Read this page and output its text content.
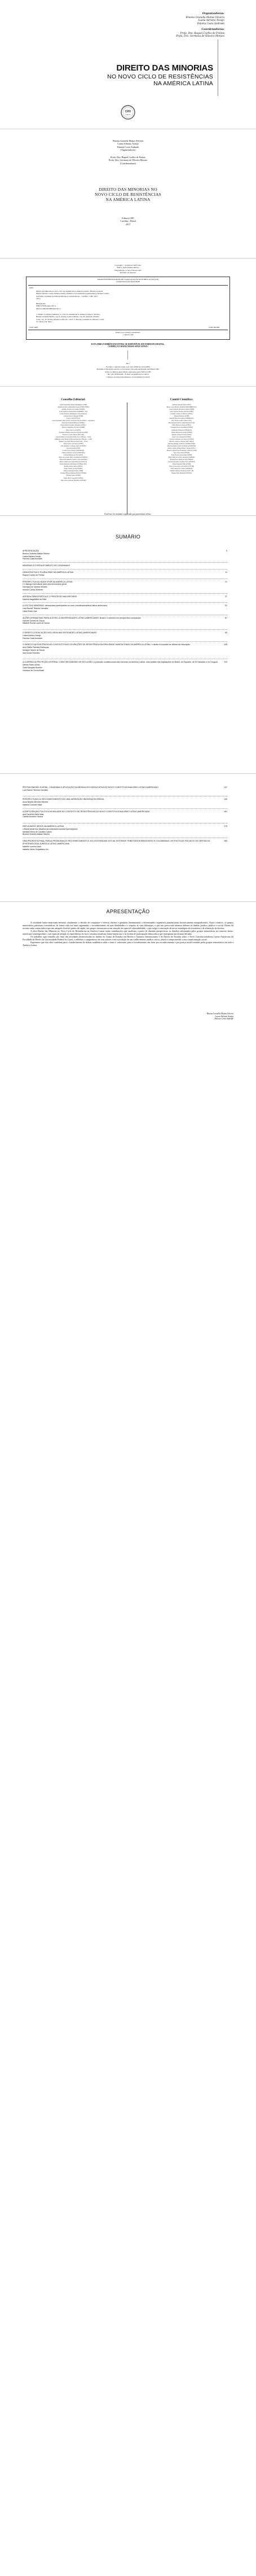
Organizadoras:

Bruena Granella Matias Silveira

Luana Adriano Araújo

Paloma Costa Andrade

Coordenadoras:

Profa. Dra. Raquel Coelho de Freitas

Profa. Dra. Germana de Oliveira Moraes

DIREITO DAS MINORIAS
NO NOVO CICLO DE RESISTÊNCIAS
NA AMÉRICA LATINA
CRV
editora

Bruena Granella Matias Silveira

Luana Adriano Araújo

Paloma Costa Andrade

(Organizadoras)

Profa. Dra. Raquel Coelho de Freitas

Profa. Dra. Germana de Oliveira Moraes

(Coordenadoras)

DIREITO DAS MINORIAS NO
NOVO CICLO DE RESISTÊNCIAS
NA AMÉRICA LATINA

Editora CRV

Curitiba – Brasil

2017

Copyright © da Editora CRV Ltda.

Editor-chefe: Railson Moura

Diagramação e Capa: Editora CRV

Revisão: Os Autores

DADOS INTERNACIONAIS DE CATALOGAÇÃO NA PUBLICAÇÃO (CIP)

CATALOGAÇÃO NA FONTE

D597

Direito das minorias no novo ciclo de resistências na América Latina / Bruena Granella

Matias Silveira, Luana Adriano Araújo, Paloma Costa Andrade (organizadoras), Raquel Coelho

de Freitas, Germana de Oliveira Moraes (coordenadoras) – Curitiba : CRV, 2017.

192 p.

Bibliografia

ISBN 978-85-444-1767-4

DOI 10.24824/978854441767.4

1. Direito 2. Direitos humanos 3. Ciclo de resistências 4. América Latina I. Silveira,

Bruena Granella Matias. org. II. Araújo, Luana Adriano. org. III. Andrade, Paloma

Costa. org. IV. Freitas, Raquel Coelho de. coord. V. Moraes, Germana de Oliveira. coord.

VI. Título VII. Série.

CDU 34(8)	CDD 340.098

Índice para catálogo sistemático

1. Direito 340

ESTA OBRA TAMBÉM ENCONTRA-SE DISPONÍVEL EM FORMATO DIGITAL.

CONHEÇA E BAIXE NOSSO APLICATIVO!

2017

Foi feito o depósito legal conf. Lei 10.994 de 14/12/2004

Proibida a reprodução parcial ou total desta obra sem autorização da Editora CRV

Todos os direitos desta edição reservados pela: Editora CRV

Tel.: (41) 3039-6418 – E-mail: sac@editoracrv.com.br

Conheça os nossos lançamentos: www.editoracrv.com.br

Conselho Editorial:	Comitê Científico:

Aldira Guimarães Duarte Domínguez (UNB)

Andréia da Silva Quintanilha Sousa (UNIR/UFRN)

Antônio Pereira Gaio Júnior (UFRRJ)

Carlos Alberto Vilar Estêvão (UMINHO – PT)

Carlos Federico Dominguez Avila (Unieuro)

Carmen Tereza Velanga (UNIR)

Celso Conti (UFSCar)

Cesar Gerónimo Tello (Univer. Nacional Três de Febrero – Argentina)

Eduardo Fernandes Barbosa (UFMG)

Elione Maria Nogueira Diogenes (UFAL)

Elizeu Clementino de Souza (UNEB)

Élsio José Corá (UFFS)

Fernando Antônio Gonçalves Alcoforado (IPB)

Francisco Carlos Duarte (PUC-PR)

Gloria Fariñas León (Universidade de La Havana – Cuba)

Guillermo Arias Beatón (Universidade de La Havana – Cuba)

Helmut von Wolff (Harvard University – USA)

Jailson Alves dos Santos (UFRJ)

João Adalberto Campato Junior (UNESP)

Josania Portela (UFPI)

Leonel Severo Rocha (UNISINOS)

Lídia de Oliveira Xavier (UNIEURO)

Lourdes Helena da Silva (UFV)

Maria de Lourdes Pinto de Almeida (UNOESC)

Maria Lília Imbiriba Sousa Colares (UFOPA)

Maria Cristina dos Santos Bezerra (UFSCar)

Paulo Romualdo Hernandes (UNIFAL-MG)

Rodrigo Pratte-Santos (UFES)

Sérgio Nunes de Jesus (IFRO)

Simone Rodrigues Pinto (UNB)

Solange Helena Ximenes-Rocha (UFOPA)

Sydione Santos (UEPG)

Tadeu Oliver Gonçalves (UFPA)

Tania Suely Azevedo Brasileiro (UFOPA)

Adriano Sant'Ana Pedra (FDV)

Bruno Cesar Barreto Jardim (UNIDOMBOSCO)

Carlos Eduardo Nicoletti Camillo (UPM)

Celso Antonio Pacheco Fiorillo (FMU)

Cláudio Ladeira de Oliveira (UFSC)

Eduardo Barbosa (UNB)

Eduardo Biacchi Gomes (UNIBRASIL)

Eloy Pereira Lemos Junior (UIT)

Elza Antonia Pereira Cunha Boiteux (USP)

Fábio Barbosa Chaves (UFPA)

Fernando Fortes Said Filho (UESPI)

Guilherme Wünsch (UNISINOS)

Jailton Macena de Araújo (UFPB)

Januário Justino Ferreira (UNIP)

Jorge Luís Lamounier (UFMG)

Luciana Schneider dos Santos (UNESP)

Marcelo Campos Galuppo (PUC Minas)

Marcelo Pichioli da Silveira (UNIFACEAR)

Maria Antonieta Lynch de Moraes (UNIVASF)

Maria Cristina Vidotte Blanco Tarrega (UFG)

Maurício Muriack de Fernandes e Peixoto (UnB)

Ney Alves Veras (UFAM)

Pedro Pontes de Azevêdo (UFPB)

Régis Willyan da Silva Andrade (UNIPAR)

Romeu Faria Thomé da Silva (FIDM)

Rosane Teresinha Carvalho Porto (UNIJUÍ)

Sérgio Pignatari Filho (UNIP)

Silvio Carlos Alves dos Santos (UFVJM)

Valter Moura do Carmo (UNIMAR)

Vladmir Oliveira da Silveira (PUC-SP)

Wagner Pires Machado (UERGS)

Este livro foi avaliado e aprovado por pareceristas ad hoc.

SUMÁRIO
APRESENTAÇÃO	9
Bruena Granella Matias Silveira
Luana Adriano Araújo
Paloma Costa Andrade
MINORIAS E FORTALECIMENTO DE CIDADANIAS
DEMOCRÁTICA E PLURALISMO NA AMÉRICA LATINA	11
Raquel Coelho de Freitas
PERSPECTIVA DO BUEN VIVIR NA AMÉRICA LATINA	21
e o diálogo intercultural para uma democracia plural
Germana de Oliveira Moraes
Antonio Carlos Wolkmer
AGENDA DEMOCRÁTICA E O PROCESSO MAJORITÁRIO	37
Daniela Magalhães da Silva
A VOZ DAS MINORIAS: democracia participativa no novo constitucionalismo latino-americano	51
Lara Rachel Teixeira Carvalho
Liana Rosa Lima
AÇÕES AFIRMATIVAS PARA ACESSO A UNIVERSIDADES LATINO-AMERICANAS: Brasil e Colômbia em perspectiva comparada	67
Karinne Gomes de Souza
Mikaele Rocha Lopes de Sousa
O DIREITO À EDUCAÇÃO INCLUSIVA NAS ENTIDADES LATINO-AMERICANAS	83
Luana Adriano Araújo
Paloma Costa Andrade
O DIREITO DA EXISTÊNCIA NO CONTEXTO DAS OCUPAÇÕES DE RESISTÊNCIA NA REALIDADE HABITACIONAL DA AMÉRICA LATINA: o direito à moradia na defesa da educação	105
Ana Oriélle Paredes Rebouças
Monique Nunes de Souza
Iara Sousa Faustino
A GUERRA DA PROTEÇÃO INTERNA, COMO MECANISMO DE INCLUSÃO: a proteção constitucional das minorias na América Latina: uma análise das legislações do Brasil, do Equador, de El Salvador e do Uruguai	119
Denise Rivero Alves
Clara Marques Bomfim
Vanessa da Cunha Brasil
PROTAGONISMO JUVENIL, CIDADANIA E APLICAÇÃO DA MEDIDA SOCIOEDUCATIVA NO NOVO CONSTITUCIONALISMO LATINO-AMERICANO	137
Luiz Ramon Teixeira Carvalho
PERSPECTIVAS DO RECONHECIMENTO DE UMA JURISDIÇÃO INDÍGENA NO BRASIL	149
Anna Beatriz Mendes Macedo
Isabella Custodio Maia
A PARTICIPAÇÃO POLÍTICA DA MULHER NO CONTEXTO DE RESISTÊNCIAS DO NOVO CONSTITUCIONALISMO LATINO-AMERICANO	161
Ana Carolina Vieira Maia
Camila Monteiro Santos
REFUGIADOS SÍRIOS NA AMÉRICA LATINA	175
o Brasil diante dos desafios da sociedade mundial hiperconplexa
Mariana Vieira de Carvalho Castro
Bruena Granella Matias Silveira
UMA PROPOSTA FINAL PARA A PROBLEMA DO RECONHECIMENTO E DA LEGITIMIDADE SOCIAL SISTEMAS TRIBUTÁRIOS BRASILEIRO E COLOMBIANO: AS POLÍTICAS FISCAIS E DE DEFESA DA EPISTEMOLOGIA JURÍDICA LATINO-AMERICANA
183
Isabelle Lucena Lavor
Isabelle Jaime Guiguidara Lêo
APRESENTAÇÃO

A sociedade latino-americana enfrenta, atualmente, o desafio de conquistar e efetivar direitos e garantias fundamentais a determinados segmentos populacionais historicamente marginalizados. Nesse contexto, os grupos minoritários passaram a reivindicar, de forma cada vez mais organizada, o reconhecimento de suas identidades e o respeito às suas diferenças, o que tem provocado intensos debates no âmbito jurídico, político e social. Diante da recente onda conservadora que tem atingido diversos países da região, tais grupos encontram-se em situação de especial vulnerabilidade, o que exige a construção de novas estratégias de resistência e de afirmação de direitos.

A obra Direito das Minorias no Novo Ciclo de Resistências na América Latina reúne contribuições que analisam, a partir de distintas perspectivas, os desafios enfrentados pelos grupos minoritários no contexto latino-americano contemporâneo, com especial atenção às experiências do novo constitucionalismo latino-americano e às formas de participação democrática que emergiram nas últimas décadas.

Os trabalhos aqui reunidos são fruto das atividades desenvolvidas no âmbito do Grupo de Estudos em Direito e Assuntos Internacionais e do Núcleo de Estudos sobre o Novo Constitucionalismo Latino-Americano da Faculdade de Direito da Universidade Federal do Ceará, e refletem o compromisso de seus autores com a produção de um conhecimento jurídico crítico, plural e comprometido com a transformação social.

Esperamos que esta obra contribua para o fortalecimento do debate acadêmico sobre o tema e, sobretudo, para o fortalecimento das lutas por reconhecimento e por justiça social travadas pelos grupos minoritários em toda a América Latina.

Bruena Granella Matias Silveira

Luana Adriano Araújo

Paloma Costa Andrade
